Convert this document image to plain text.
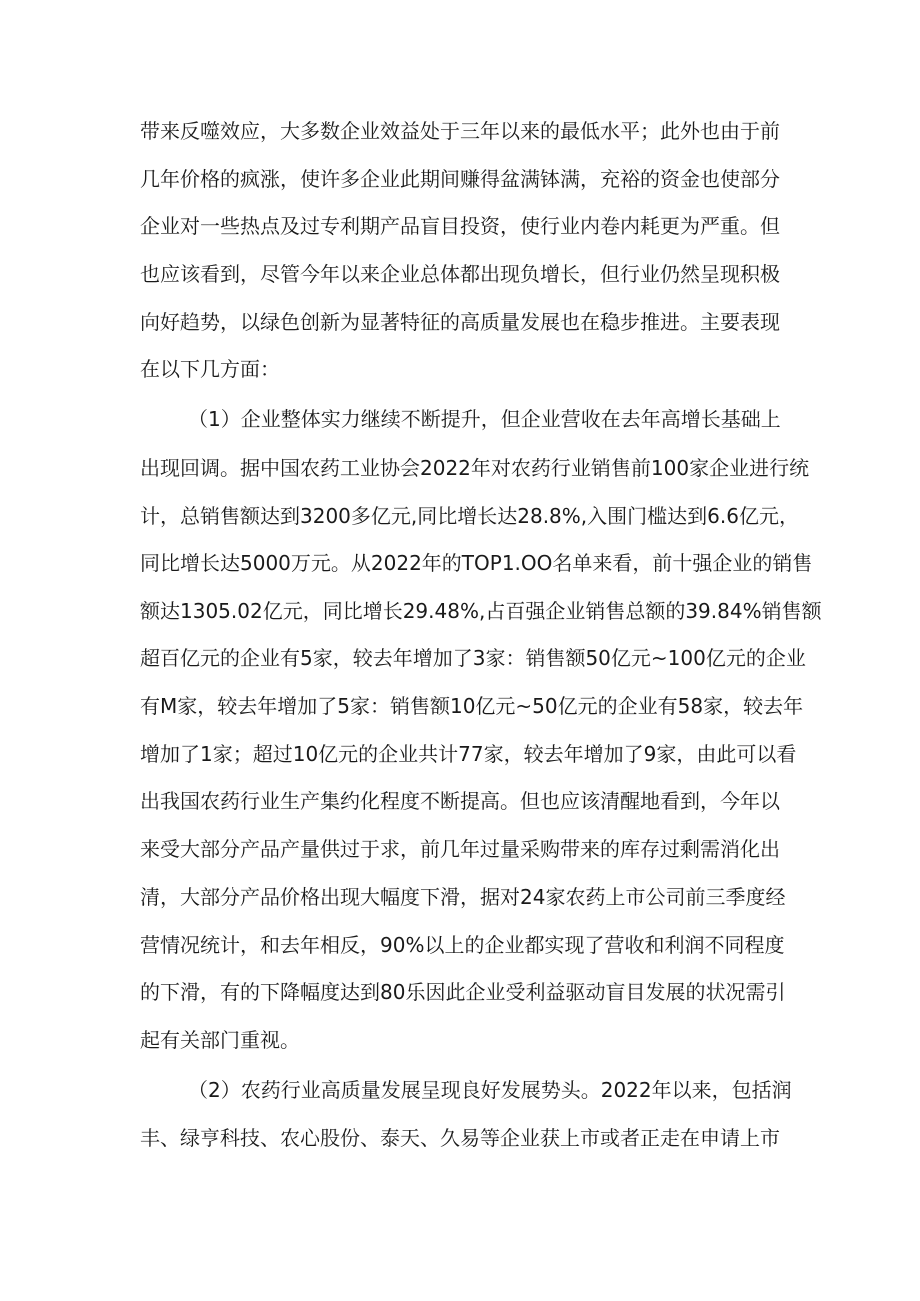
带来反噬效应，大多数企业效益处于三年以来的最低水平；此外也由于前
几年价格的疯涨，使许多企业此期间赚得盆满钵满，充裕的资金也使部分
企业对一些热点及过专利期产品盲目投资，使行业内卷内耗更为严重。但
也应该看到，尽管今年以来企业总体都出现负增长，但行业仍然呈现积极
向好趋势，以绿色创新为显著特征的高质量发展也在稳步推进。主要表现
在以下几方面：
（1）企业整体实力继续不断提升，但企业营收在去年高增长基础上
出现回调。据中国农药工业协会2022年对农药行业销售前100家企业进行统
计，总销售额达到3200多亿元,同比增长达28.8%,入围门槛达到6.6亿元，
同比增长达5000万元。从2022年的TOP1.OO名单来看，前十强企业的销售
额达1305.02亿元，同比增长29.48%,占百强企业销售总额的39.84%销售额
超百亿元的企业有5家，较去年增加了3家：销售额50亿元~100亿元的企业
有M家，较去年增加了5家：销售额10亿元~50亿元的企业有58家，较去年
增加了1家；超过10亿元的企业共计77家，较去年增加了9家，由此可以看
出我国农药行业生产集约化程度不断提高。但也应该清醒地看到，今年以
来受大部分产品产量供过于求，前几年过量采购带来的库存过剩需消化出
清，大部分产品价格出现大幅度下滑，据对24家农药上市公司前三季度经
营情况统计，和去年相反，90%以上的企业都实现了营收和利润不同程度
的下滑，有的下降幅度达到80乐因此企业受利益驱动盲目发展的状况需引
起有关部门重视。
（2）农药行业高质量发展呈现良好发展势头。2022年以来，包括润
丰、绿亨科技、农心股份、泰天、久易等企业获上市或者正走在申请上市
